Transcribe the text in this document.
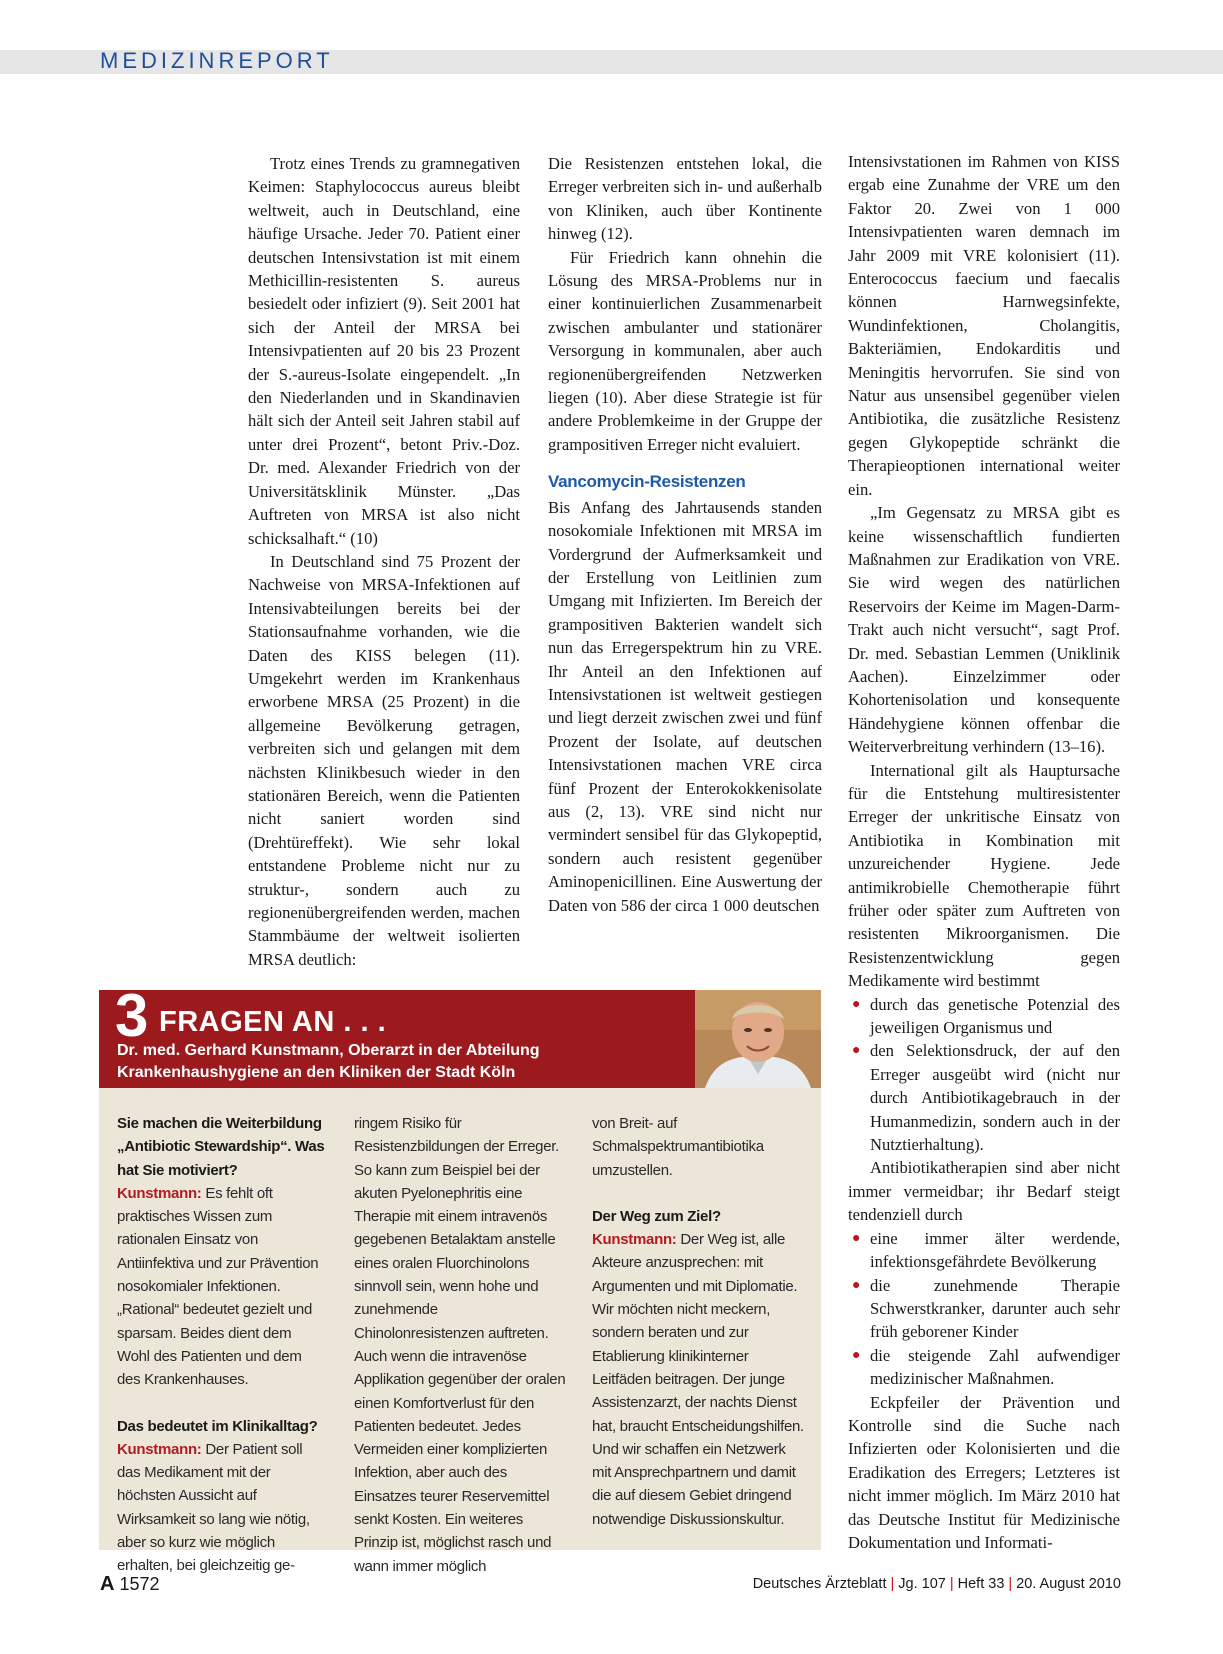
MEDIZINREPORT

Trotz eines Trends zu gramnegativen Keimen: Staphylococcus aureus bleibt weltweit, auch in Deutschland, eine häufige Ursache. Jeder 70. Patient einer deutschen Intensivstation ist mit einem Methicillin-resistenten S. aureus besiedelt oder infiziert (9). Seit 2001 hat sich der Anteil der MRSA bei Intensivpatienten auf 20 bis 23 Prozent der S.-aureus-Isolate eingependelt. „In den Niederlanden und in Skandinavien hält sich der Anteil seit Jahren stabil auf unter drei Prozent“, betont Priv.-Doz. Dr. med. Alexander Friedrich von der Universitätsklinik Münster. „Das Auftreten von MRSA ist also nicht schicksalhaft.“ (10)

In Deutschland sind 75 Prozent der Nachweise von MRSA-Infektionen auf Intensivabteilungen bereits bei der Stationsaufnahme vorhanden, wie die Daten des KISS belegen (11). Umgekehrt werden im Krankenhaus erworbene MRSA (25 Prozent) in die allgemeine Bevölkerung getragen, verbreiten sich und gelangen mit dem nächsten Klinikbesuch wieder in den stationären Bereich, wenn die Patienten nicht saniert worden sind (Drehtüreffekt). Wie sehr lokal entstandene Probleme nicht nur zu struktur-, sondern auch zu regionenübergreifenden werden, machen Stammbäume der weltweit isolierten MRSA deutlich:

Die Resistenzen entstehen lokal, die Erreger verbreiten sich in- und außerhalb von Kliniken, auch über Kontinente hinweg (12).

Für Friedrich kann ohnehin die Lösung des MRSA-Problems nur in einer kontinuierlichen Zusammenarbeit zwischen ambulanter und stationärer Versorgung in kommunalen, aber auch regionenübergreifenden Netzwerken liegen (10). Aber diese Strategie ist für andere Problemkeime in der Gruppe der grampositiven Erreger nicht evaluiert.

Vancomycin-Resistenzen

Bis Anfang des Jahrtausends standen nosokomiale Infektionen mit MRSA im Vordergrund der Aufmerksamkeit und der Erstellung von Leitlinien zum Umgang mit Infizierten. Im Bereich der grampositiven Bakterien wandelt sich nun das Erregerspektrum hin zu VRE. Ihr Anteil an den Infektionen auf Intensivstationen ist weltweit gestiegen und liegt derzeit zwischen zwei und fünf Prozent der Isolate, auf deutschen Intensivstationen machen VRE circa fünf Prozent der Enterokokkenisolate aus (2, 13). VRE sind nicht nur vermindert sensibel für das Glykopeptid, sondern auch resistent gegenüber Aminopenicillinen. Eine Auswertung der Daten von 586 der circa 1 000 deutschen

Intensivstationen im Rahmen von KISS ergab eine Zunahme der VRE um den Faktor 20. Zwei von 1 000 Intensivpatienten waren demnach im Jahr 2009 mit VRE kolonisiert (11). Enterococcus faecium und faecalis können Harnwegsinfekte, Wundinfektionen, Cholangitis, Bakteriämien, Endokarditis und Meningitis hervorrufen. Sie sind von Natur aus unsensibel gegenüber vielen Antibiotika, die zusätzliche Resistenz gegen Glykopeptide schränkt die Therapieoptionen international weiter ein.

„Im Gegensatz zu MRSA gibt es keine wissenschaftlich fundierten Maßnahmen zur Eradikation von VRE. Sie wird wegen des natürlichen Reservoirs der Keime im Magen-Darm-Trakt auch nicht versucht“, sagt Prof. Dr. med. Sebastian Lemmen (Uniklinik Aachen). Einzelzimmer oder Kohortenisolation und konsequente Händehygiene können offenbar die Weiterverbreitung verhindern (13–16).

International gilt als Hauptursache für die Entstehung multiresistenter Erreger der unkritische Einsatz von Antibiotika in Kombination mit unzureichender Hygiene. Jede antimikrobielle Chemotherapie führt früher oder später zum Auftreten von resistenten Mikroorganismen. Die Resistenzentwicklung gegen Medikamente wird bestimmt

● durch das genetische Potenzial des jeweiligen Organismus und
● den Selektionsdruck, der auf den Erreger ausgeübt wird (nicht nur durch Antibiotikagebrauch in der Humanmedizin, sondern auch in der Nutztierhaltung).

Antibiotikatherapien sind aber nicht immer vermeidbar; ihr Bedarf steigt tendenziell durch

● eine immer älter werdende, infektionsgefährdete Bevölkerung
● die zunehmende Therapie Schwerstkranker, darunter auch sehr früh geborener Kinder
● die steigende Zahl aufwendiger medizinischer Maßnahmen.

Eckpfeiler der Prävention und Kontrolle sind die Suche nach Infizierten oder Kolonisierten und die Eradikation des Erregers; Letzteres ist nicht immer möglich. Im März 2010 hat das Deutsche Institut für Medizinische Dokumentation und Informati-

3 FRAGEN AN . . .
Dr. med. Gerhard Kunstmann, Oberarzt in der Abteilung Krankenhaushygiene an den Kliniken der Stadt Köln
Sie machen die Weiterbildung „Antibiotic Stewardship“. Was hat Sie motiviert?
Kunstmann: Es fehlt oft praktisches Wissen zum rationalen Einsatz von Antiinfektiva und zur Prävention nosokomialer Infektionen. „Rational“ bedeutet gezielt und sparsam. Beides dient dem Wohl des Patienten und dem des Krankenhauses.
Das bedeutet im Klinikalltag?
Kunstmann: Der Patient soll das Medikament mit der höchsten Aussicht auf Wirksamkeit so lang wie nötig, aber so kurz wie möglich erhalten, bei gleichzeitig ge-
ringem Risiko für Resistenzbildungen der Erreger. So kann zum Beispiel bei der akuten Pyelonephritis eine Therapie mit einem intravenös gegebenen Betalaktam anstelle eines oralen Fluorchinolons sinnvoll sein, wenn hohe und zunehmende Chinolonresistenzen auftreten. Auch wenn die intravenöse Applikation gegenüber der oralen einen Komfortverlust für den Patienten bedeutet. Jedes Vermeiden einer komplizierten Infektion, aber auch des Einsatzes teurer Reservemittel senkt Kosten. Ein weiteres Prinzip ist, möglichst rasch und wann immer möglich
von Breit- auf Schmalspektrumantibiotika umzustellen.
Der Weg zum Ziel?
Kunstmann: Der Weg ist, alle Akteure anzusprechen: mit Argumenten und mit Diplomatie. Wir möchten nicht meckern, sondern beraten und zur Etablierung klinikinterner Leitfäden beitragen. Der junge Assistenzarzt, der nachts Dienst hat, braucht Entscheidungshilfen. Und wir schaffen ein Netzwerk mit Ansprechpartnern und damit die auf diesem Gebiet dringend notwendige Diskussionskultur.
A 1572	Deutsches Ärzteblatt | Jg. 107 | Heft 33 | 20. August 2010
